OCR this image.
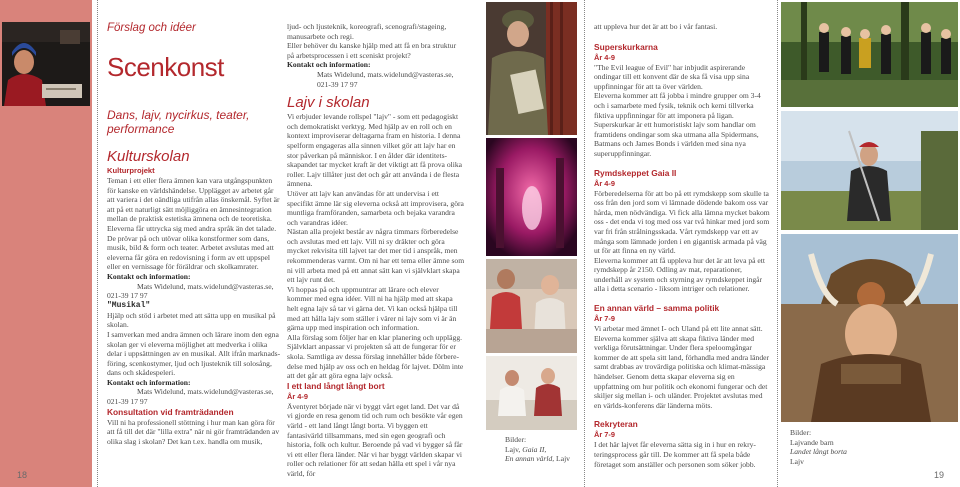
18
Förslag och idéer
Scenkonst
Dans, lajv, nycirkus, teater, performance
Kulturskolan

Kulturprojekt

Teman i ett eller flera ämnen kan vara utgångspunkten för kanske en världshändelse. Upplägget av arbetet går att variera i det oändliga utifrån allas önskemål. Syftet är att på ett naturligt sätt möjliggöra en ämnesintegration mellan de praktisk estetiska ämnena och de teoretiska. Eleverna får uttrycka sig med andra språk än det talade. De prövar på och utövar olika konstformer som dans, musik, bild & form och teater. Arbetet avslutas med att eleverna får göra en redovisning i form av ett uppspel eller en vernissage för föräldrar och skolkamrater.

Kontakt och information:

Mats Widelund, mats.widelund@vasteras.se,

021-39 17 97

"Musikal"

Hjälp och stöd i arbetet med att sätta upp en musikal på skolan.

I samverkan med andra ämnen och lärare inom den egna skolan ger vi eleverna möjlighet att medverka i olika delar i uppsättningen av en musikal. Allt ifrån marknads-föring, scenkostymer, ljud och ljusteknik till solosång, dans och skådespeleri.

Kontakt och information:

Mats Widelund, mats.widelund@vasteras.se,

021-39 17 97

Konsultation vid framträdanden

Vill ni ha professionell stöttning i hur man kan göra för att få till det där "lilla extra" när ni gör framträdanden av olika slag i skolan? Det kan t.ex. handla om musik,

ljud- och ljusteknik, koreografi, scenografi/stageing, manusarbete och regi.

Eller behöver du kanske hjälp med att få en bra struktur på arbetsprocessen i ett sceniskt projekt?

Kontakt och information:

Mats Widelund, mats.widelund@vasteras.se,

021-39 17 97

Lajv i skolan

Vi erbjuder levande rollspel "lajv" - som ett pedagogiskt och demokratiskt verktyg. Med hjälp av en roll och en kontext improviserar deltagarna fram en historia. I denna spelform engageras alla sinnen vilket gör att lajv har en stor påverkan på människor. I en ålder där identitets-skapandet tar mycket kraft är det viktigt att få prova olika roller. Lajv tillåter just det och går att använda i de flesta ämnena.

Utöver att lajv kan användas för att undervisa i ett specifikt ämne lär sig eleverna också att improvisera, göra muntliga framföranden, samarbeta och bejaka varandra och varandras idéer.

Nästan alla projekt består av några timmars förberedelse och avslutas med ett lajv. Vill ni sy dräkter och göra mycket rekvisita till lajvet tar det mer tid i anspråk, men rekommenderas varmt. Om ni har ett tema eller ämne som ni vill arbeta med på ett annat sätt kan vi självklart skapa ett lajv runt det.

Vi hoppas på och uppmuntrar att lärare och elever kommer med egna idéer. Vill ni ha hjälp med att skapa helt egna lajv så tar vi gärna det. Vi kan också hjälpa till med att hålla lajv som ställer i värer ni lajv som vi är än gärna upp med inspiration och information.

Alla förslag som följer har en klar planering och upplägg. Självklart anpassar vi projekten så att de fungerar för er skola. Samtliga av dessa förslag innehåller både förbere-delse med hjälp av oss och en heldag för lajvet. Dölm inte att det går att göra egna lajv också.

I ett land långt långt bort

År 4-9

Äventyret började när vi byggt vårt eget land. Det var då vi gjorde en resa genom tid och rum och besökte vår egen värld - ett land långt långt borta. Vi byggen ett fantasivärld tillsammans, med sin egen geografi och historia, folk och kultur. Beroende på vad vi bygger så får vi ett eller flera länder. När vi har byggt världen skapar vi roller och relationer för att sedan hälla ett spel i vår nya värld, för

Bilder:

Lajv, Gaia II,

En annan värld, Lajv

att uppleva hur det är att bo i vår fantasi.

Superskurkarna

År 4-9

"The Evil league of Evil" har inbjudit aspirerande ondingar till ett konvent där de ska få visa upp sina uppfinningar för att ta över världen.

Eleverna kommer att få jobba i mindre grupper om 3-4 och i samarbete med fysik, teknik och kemi tillverka fiktiva uppfinningar för att imponera på ligan. Superskurkar är ett humoristiskt lajv som handlar om framtidens ondingar som ska utmana alla Spidermans, Batmans och James Bonds i världen med sina nya superuppfinningar.

Rymdskeppet Gaia II

År 4-9

Förberedelserna för att bo på ett rymdskepp som skulle ta oss från den jord som vi lämnade dödende bakom oss var hårda, men nödvändiga. Vi fick alla lämna mycket bakom oss - det enda vi tog med oss var två hinkar med jord som var fri från strålningsskada. Vårt rymdskepp var ett av många som lämnade jorden i en gigantisk armada på väg ut för att finna en ny värld.

Eleverna kommer att få uppleva hur det är att leva på ett rymdskepp år 2150. Odling av mat, reparationer, underhåll av system och styrning av rymdskeppet ingår alla i detta scenario - liksom intriger och relationer.

En annan värld – samma politik

År 7-9

Vi arbetar med ämnet I- och Uland på ett lite annat sätt. Eleverna kommer själva att skapa fiktiva länder med verkliga förutsättningar. Under flera speloomgångar kommer de att spela sitt land, förhandla med andra länder samt drabbas av trovärdiga politiska och klimat-mässiga händelser. Genom detta skapar eleverna sig en uppfattning om hur politik och ekonomi fungerar och det skiljer sig mellan i- och uländer. Projektet avslutas med en världs-konferens där länderna möts.

Rekryteran

År 7-9

I det här lajvet får eleverna sätta sig in i hur en rekry-teringsprocess går till. De kommer att få spela både företaget som anställer och personen som söker jobb.

Bilder:

Lajvande barn

Landet långt borta

Lajv

19
